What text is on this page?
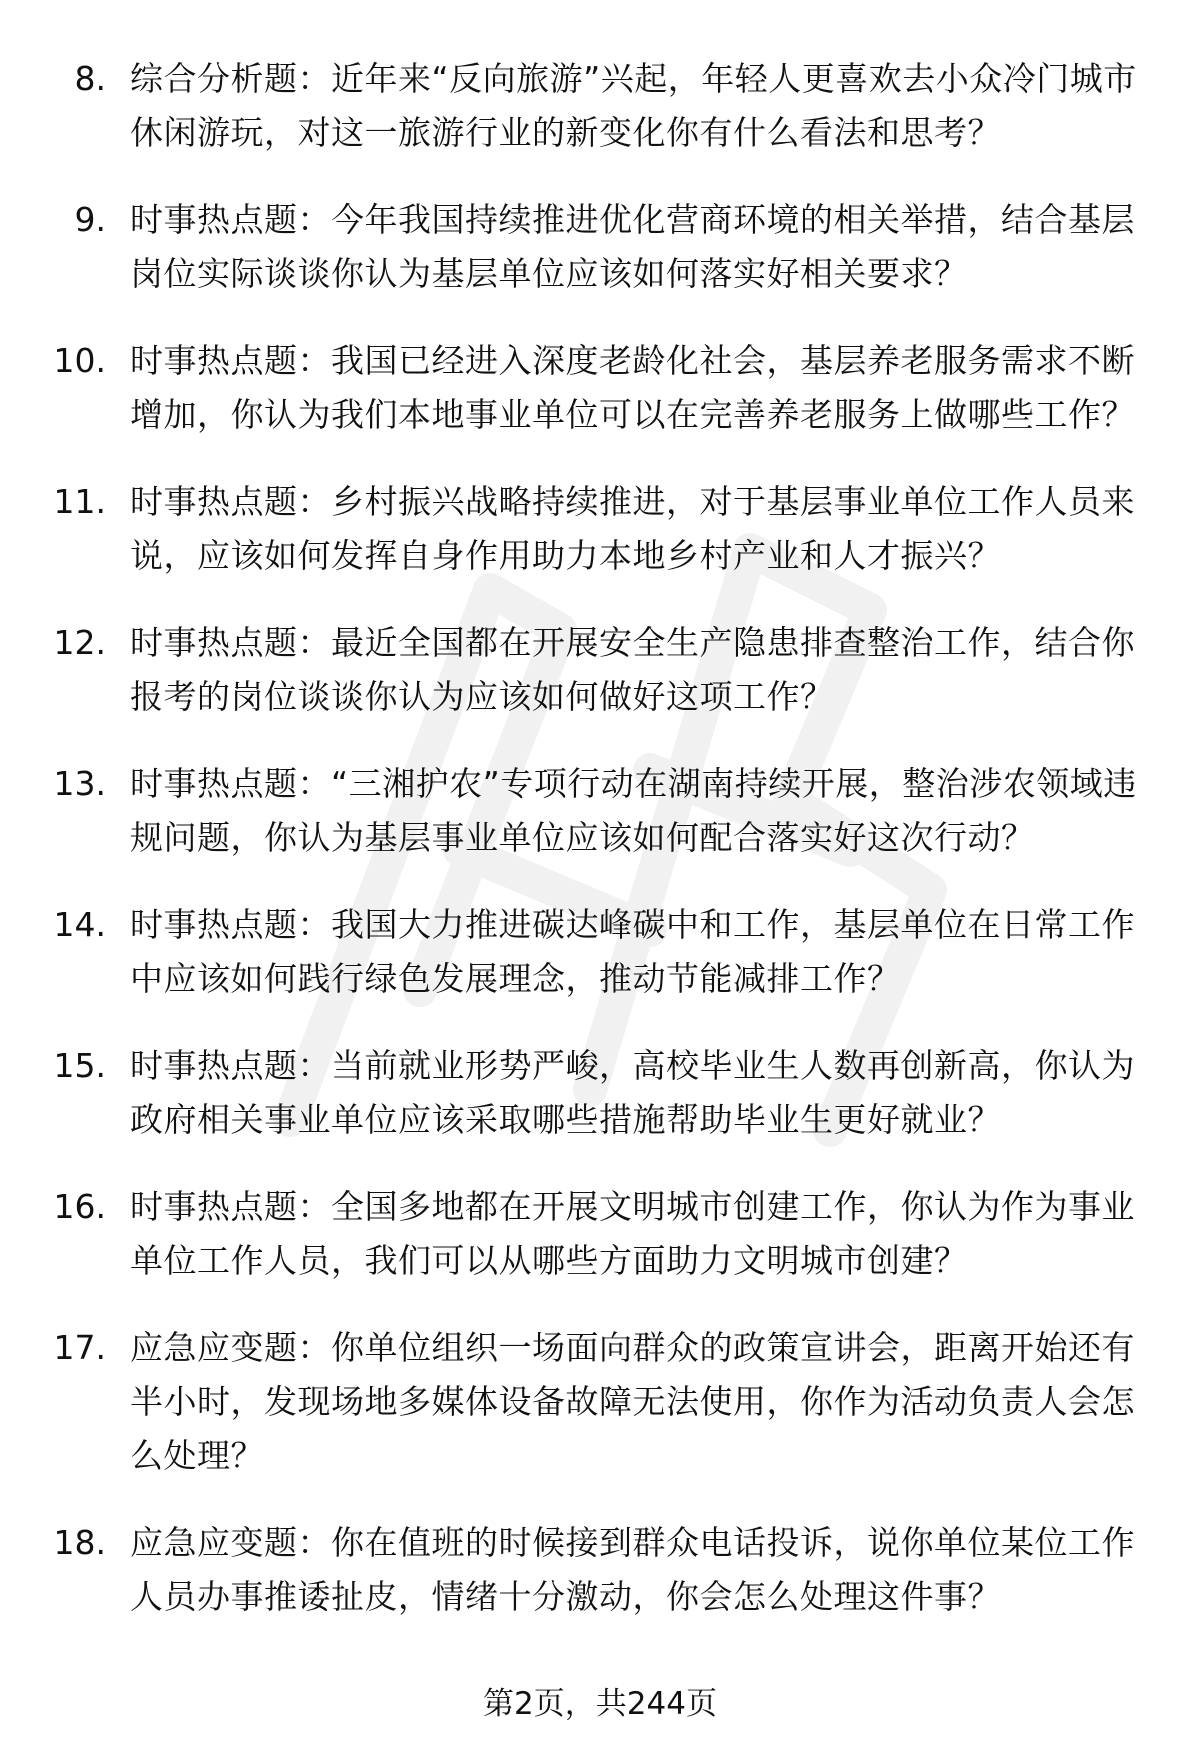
8. 综合分析题：近年来“反向旅游”兴起，年轻人更喜欢去小众冷门城市休闲游玩，对这一旅游行业的新变化你有什么看法和思考？
9. 时事热点题：今年我国持续推进优化营商环境的相关举措，结合基层岗位实际谈谈你认为基层单位应该如何落实好相关要求？
10. 时事热点题：我国已经进入深度老龄化社会，基层养老服务需求不断增加，你认为我们本地事业单位可以在完善养老服务上做哪些工作？
11. 时事热点题：乡村振兴战略持续推进，对于基层事业单位工作人员来说，应该如何发挥自身作用助力本地乡村产业和人才振兴？
12. 时事热点题：最近全国都在开展安全生产隐患排查整治工作，结合你报考的岗位谈谈你认为应该如何做好这项工作？
13. 时事热点题：“三湘护农”专项行动在湖南持续开展，整治涉农领域违规问题，你认为基层事业单位应该如何配合落实好这次行动？
14. 时事热点题：我国大力推进碳达峰碳中和工作，基层单位在日常工作中应该如何践行绿色发展理念，推动节能减排工作？
15. 时事热点题：当前就业形势严峻，高校毕业生人数再创新高，你认为政府相关事业单位应该采取哪些措施帮助毕业生更好就业？
16. 时事热点题：全国多地都在开展文明城市创建工作，你认为作为事业单位工作人员，我们可以从哪些方面助力文明城市创建？
17. 应急应变题：你单位组织一场面向群众的政策宣讲会，距离开始还有半小时，发现场地多媒体设备故障无法使用，你作为活动负责人会怎么处理？
18. 应急应变题：你在值班的时候接到群众电话投诉，说你单位某位工作人员办事推诿扯皮，情绪十分激动，你会怎么处理这件事？
第2页，共244页
